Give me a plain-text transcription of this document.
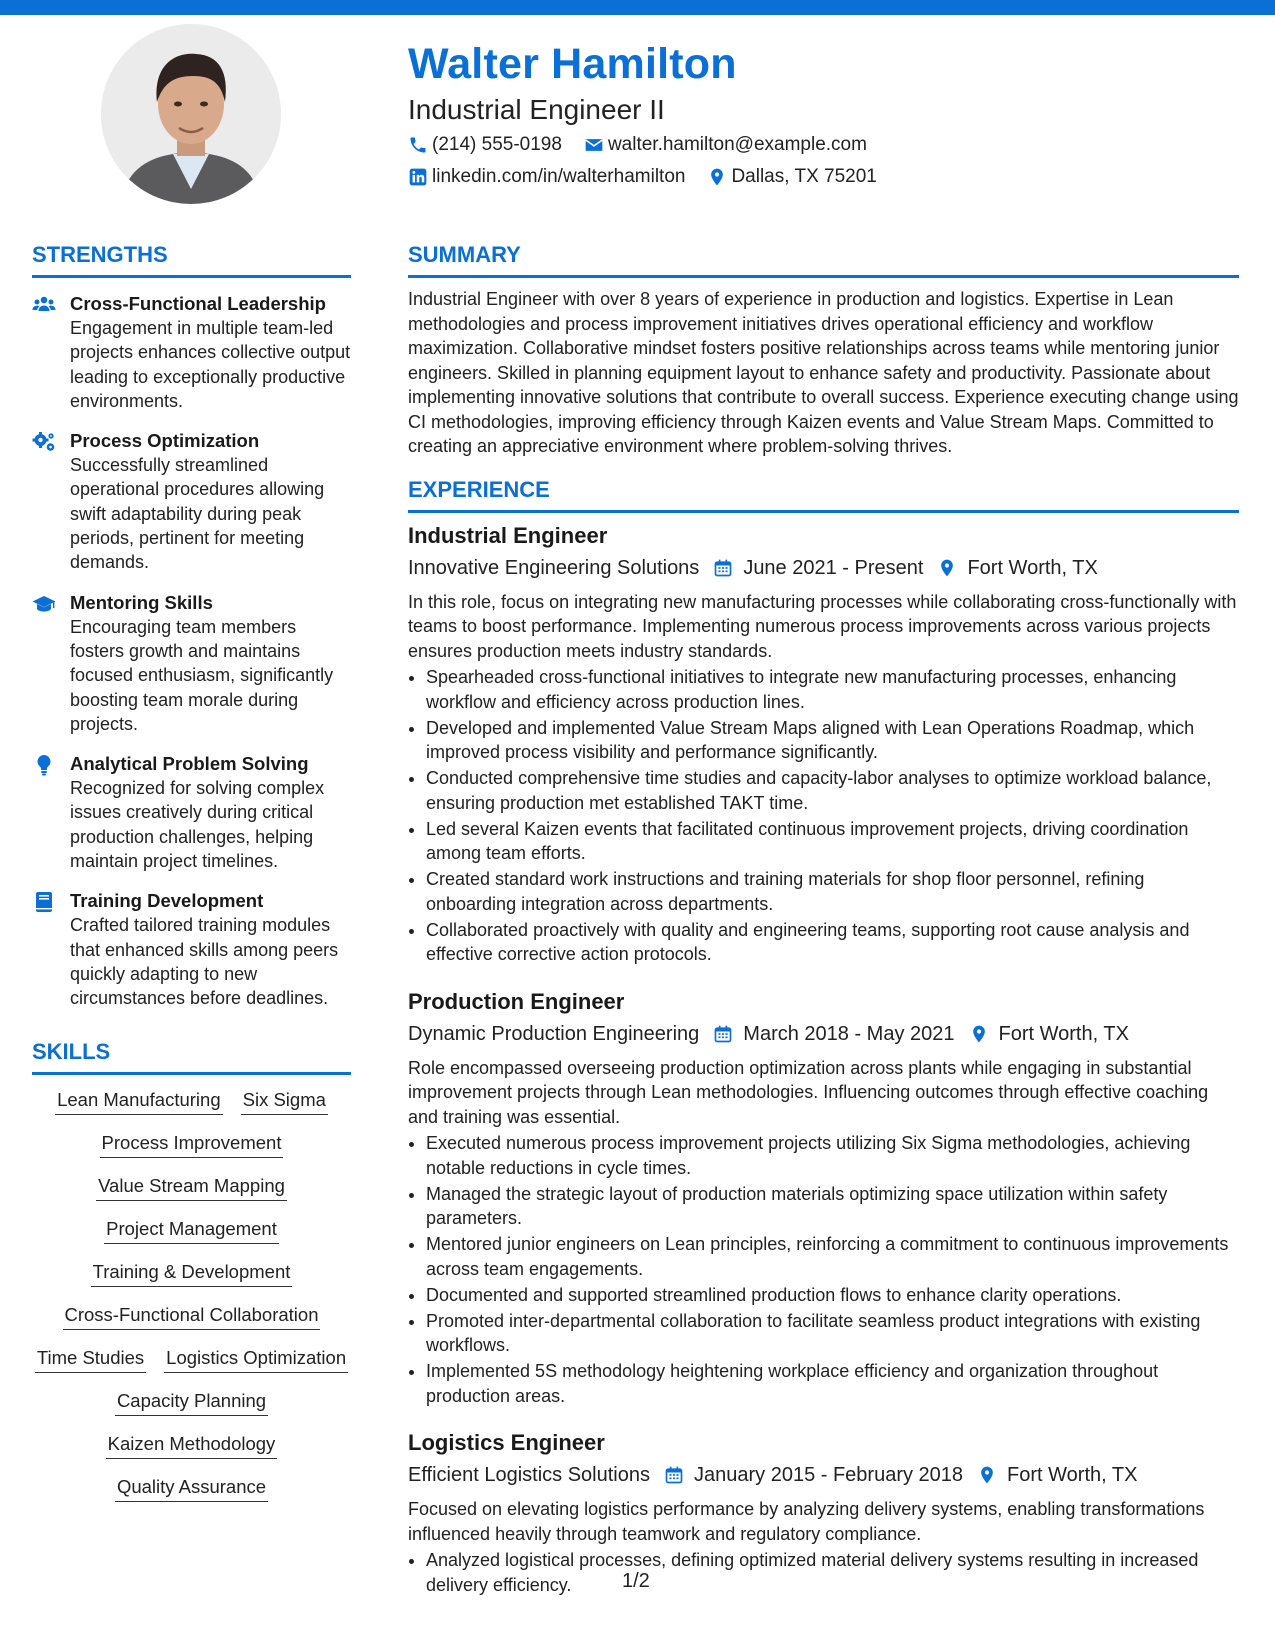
Walter Hamilton
Industrial Engineer II
(214) 555-0198 walter.hamilton@example.com
linkedin.com/in/walterhamilton Dallas, TX 75201
STRENGTHS
Cross-Functional Leadership
Engagement in multiple team-led projects enhances collective output leading to exceptionally productive environments.
Process Optimization
Successfully streamlined operational procedures allowing swift adaptability during peak periods, pertinent for meeting demands.
Mentoring Skills
Encouraging team members fosters growth and maintains focused enthusiasm, significantly boosting team morale during projects.
Analytical Problem Solving
Recognized for solving complex issues creatively during critical production challenges, helping maintain project timelines.
Training Development
Crafted tailored training modules that enhanced skills among peers quickly adapting to new circumstances before deadlines.
SKILLS
Lean Manufacturing Six Sigma
Process Improvement
Value Stream Mapping
Project Management
Training & Development
Cross-Functional Collaboration
Time Studies Logistics Optimization
Capacity Planning
Kaizen Methodology
Quality Assurance
SUMMARY

Industrial Engineer with over 8 years of experience in production and logistics. Expertise in Lean methodologies and process improvement initiatives drives operational efficiency and workflow maximization. Collaborative mindset fosters positive relationships across teams while mentoring junior engineers. Skilled in planning equipment layout to enhance safety and productivity. Passionate about implementing innovative solutions that contribute to overall success. Experience executing change using CI methodologies, improving efficiency through Kaizen events and Value Stream Maps. Committed to creating an appreciative environment where problem-solving thrives.

EXPERIENCE
Industrial Engineer
Innovative Engineering Solutions June 2021 - Present Fort Worth, TX

In this role, focus on integrating new manufacturing processes while collaborating cross-functionally with teams to boost performance. Implementing numerous process improvements across various projects ensures production meets industry standards.

• Spearheaded cross-functional initiatives to integrate new manufacturing processes, enhancing workflow and efficiency across production lines.
• Developed and implemented Value Stream Maps aligned with Lean Operations Roadmap, which improved process visibility and performance significantly.
• Conducted comprehensive time studies and capacity-labor analyses to optimize workload balance, ensuring production met established TAKT time.
• Led several Kaizen events that facilitated continuous improvement projects, driving coordination among team efforts.
• Created standard work instructions and training materials for shop floor personnel, refining onboarding integration across departments.
• Collaborated proactively with quality and engineering teams, supporting root cause analysis and effective corrective action protocols.
Production Engineer
Dynamic Production Engineering March 2018 - May 2021 Fort Worth, TX

Role encompassed overseeing production optimization across plants while engaging in substantial improvement projects through Lean methodologies. Influencing outcomes through effective coaching and training was essential.

• Executed numerous process improvement projects utilizing Six Sigma methodologies, achieving notable reductions in cycle times.
• Managed the strategic layout of production materials optimizing space utilization within safety parameters.
• Mentored junior engineers on Lean principles, reinforcing a commitment to continuous improvements across team engagements.
• Documented and supported streamlined production flows to enhance clarity operations.
• Promoted inter-departmental collaboration to facilitate seamless product integrations with existing workflows.
• Implemented 5S methodology heightening workplace efficiency and organization throughout production areas.
Logistics Engineer
Efficient Logistics Solutions January 2015 - February 2018 Fort Worth, TX

Focused on elevating logistics performance by analyzing delivery systems, enabling transformations influenced heavily through teamwork and regulatory compliance.

• Analyzed logistical processes, defining optimized material delivery systems resulting in increased delivery efficiency.	1/2
